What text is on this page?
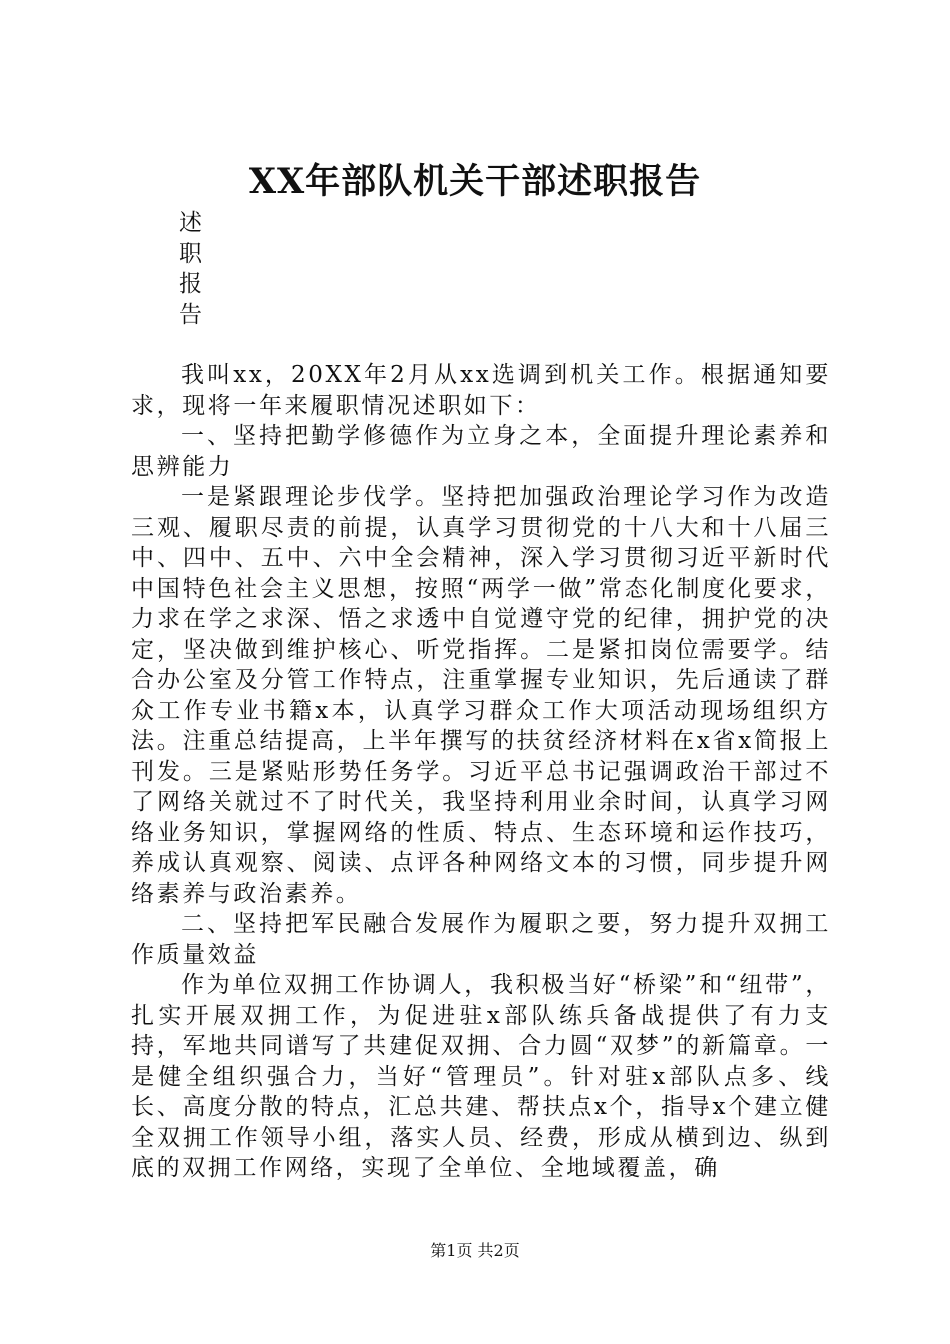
XX年部队机关干部述职报告
述
职
报
告

我叫xx，20XX年2月从xx选调到机关工作。根据通知要求，现将一年来履职情况述职如下：

一、坚持把勤学修德作为立身之本，全面提升理论素养和思辨能力

一是紧跟理论步伐学。坚持把加强政治理论学习作为改造三观、履职尽责的前提，认真学习贯彻党的十八大和十八届三中、四中、五中、六中全会精神，深入学习贯彻习近平新时代中国特色社会主义思想，按照“两学一做”常态化制度化要求，力求在学之求深、悟之求透中自觉遵守党的纪律，拥护党的决定，坚决做到维护核心、听党指挥。二是紧扣岗位需要学。结合办公室及分管工作特点，注重掌握专业知识，先后通读了群众工作专业书籍x本，认真学习群众工作大项活动现场组织方法。注重总结提高，上半年撰写的扶贫经济材料在x省x简报上刊发。三是紧贴形势任务学。习近平总书记强调政治干部过不了网络关就过不了时代关，我坚持利用业余时间，认真学习网络业务知识，掌握网络的性质、特点、生态环境和运作技巧，养成认真观察、阅读、点评各种网络文本的习惯，同步提升网络素养与政治素养。

二、坚持把军民融合发展作为履职之要，努力提升双拥工作质量效益

作为单位双拥工作协调人，我积极当好“桥梁”和“纽带”，扎实开展双拥工作，为促进驻x部队练兵备战提供了有力支持，军地共同谱写了共建促双拥、合力圆“双梦”的新篇章。一是健全组织强合力，当好“管理员”。针对驻x部队点多、线长、高度分散的特点，汇总共建、帮扶点x个，指导x个建立健全双拥工作领导小组，落实人员、经费，形成从横到边、纵到底的双拥工作网络，实现了全单位、全地域覆盖，确

第1页 共2页
